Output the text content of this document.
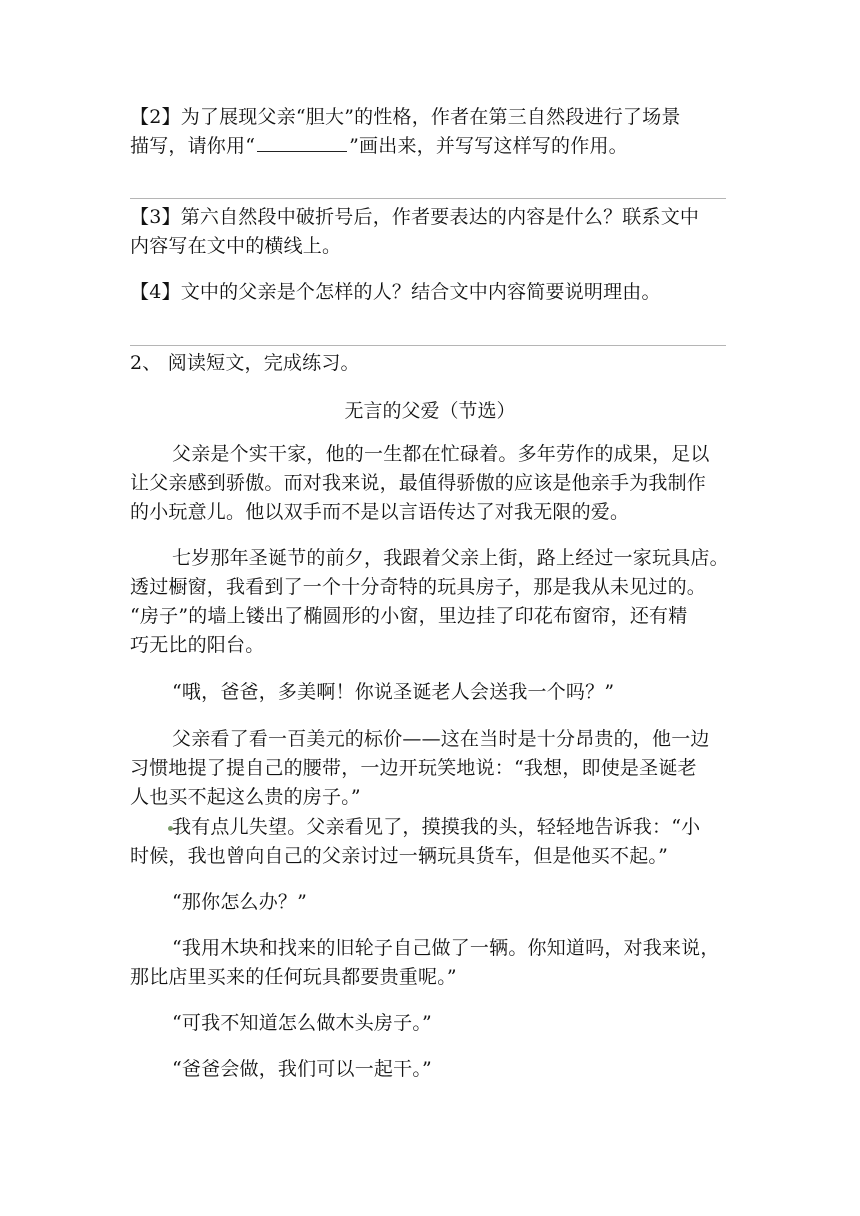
【2】为了展现父亲“胆大”的性格，作者在第三自然段进行了场景
描写，请你用“	”画出来，并写写这样写的作用。
【3】第六自然段中破折号后，作者要表达的内容是什么？联系文中
内容写在文中的横线上。
【4】文中的父亲是个怎样的人？结合文中内容简要说明理由。
2、 阅读短文，完成练习。
无言的父爱（节选）
父亲是个实干家，他的一生都在忙碌着。多年劳作的成果，足以
让父亲感到骄傲。而对我来说，最值得骄傲的应该是他亲手为我制作
的小玩意儿。他以双手而不是以言语传达了对我无限的爱。
七岁那年圣诞节的前夕，我跟着父亲上街，路上经过一家玩具店。
透过橱窗，我看到了一个十分奇特的玩具房子，那是我从未见过的。
“房子”的墙上镂出了椭圆形的小窗，里边挂了印花布窗帘，还有精
巧无比的阳台。
“哦，爸爸，多美啊！你说圣诞老人会送我一个吗？”
父亲看了看一百美元的标价——这在当时是十分昂贵的，他一边
习惯地提了提自己的腰带，一边开玩笑地说：“我想，即使是圣诞老
人也买不起这么贵的房子。”
我有点儿失望。父亲看见了，摸摸我的头，轻轻地告诉我：“小
时候，我也曾向自己的父亲讨过一辆玩具货车，但是他买不起。”
“那你怎么办？”
“我用木块和找来的旧轮子自己做了一辆。你知道吗，对我来说，
那比店里买来的任何玩具都要贵重呢。”
“可我不知道怎么做木头房子。”
“爸爸会做，我们可以一起干。”
